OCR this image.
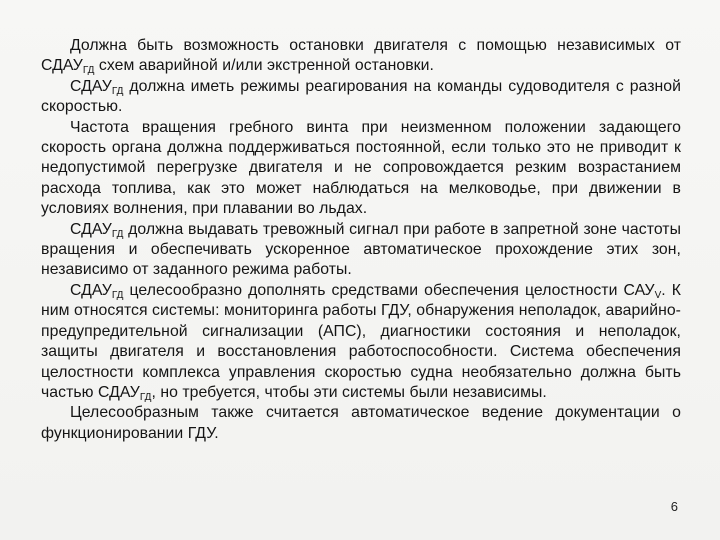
Должна быть возможность остановки двигателя с помощью независимых от $СДАУ_{ГД}$ схем аварийной и/или экстренной остановки.

$СДАУ_{ГД}$ должна иметь режимы реагирования на команды судоводителя с разной скоростью.

Частота вращения гребного винта при неизменном положении задающего скорость органа должна поддерживаться постоянной, если только это не приводит к недопустимой перегрузке двигателя и не сопровождается резким возрастанием расхода топлива, как это может наблюдаться на мелководье, при движении в условиях волнения, при плавании во льдах.

$СДАУ_{ГД}$ должна выдавать тревожный сигнал при работе в запретной зоне частоты вращения и обеспечивать ускоренное автоматическое прохождение этих зон, независимо от заданного режима работы.

$СДАУ_{ГД}$ целесообразно дополнять средствами обеспечения целостности $САУ_V$. К ним относятся системы: мониторинга работы ГДУ, обнаружения неполадок, аварийно-предупредительной сигнализации (АПС), диагностики состояния и неполадок, защиты двигателя и восстановления работоспособности. Система обеспечения целостности комплекса управления скоростью судна необязательно должна быть частью $СДАУ_{ГД}$, но требуется, чтобы эти системы были независимы.

Целесообразным также считается автоматическое ведение документации о функционировании ГДУ.

6
